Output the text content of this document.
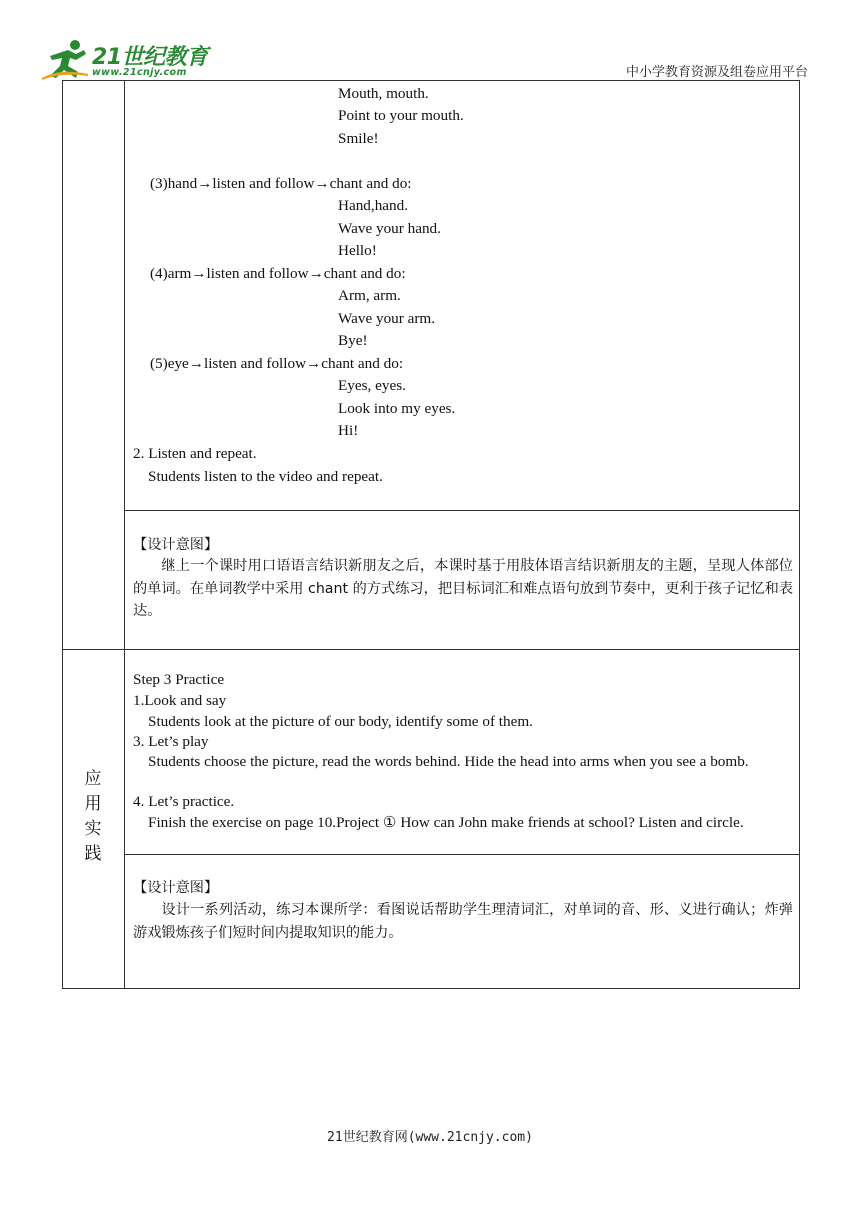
21世纪教育
www.21cnjy.com	中小学教育资源及组卷应用平台
Mouth, mouth.
Point to your mouth.
Smile!
(3)hand→listen and follow→chant and do:
Hand,hand.
Wave your hand.
Hello!
(4)arm→listen and follow→chant and do:
Arm, arm.
Wave your arm.
Bye!
(5)eye→listen and follow→chant and do:
Eyes, eyes.
Look into my eyes.
Hi!
2. Listen and repeat.
Students listen to the video and repeat.
【设计意图】
继上一个课时用口语语言结识新朋友之后，本课时基于用肢体语言结识新朋友的主题，呈现人体部位的单词。在单词教学中采用 chant 的方式练习，把目标词汇和难点语句放到节奏中，更利于孩子记忆和表达。
应
用
实
践
Step 3 Practice
1.Look and say
Students look at the picture of our body, identify some of them.
3. Let’s play
Students choose the picture, read the words behind. Hide the head into arms when you see a bomb.
4. Let’s practice.
Finish the exercise on page 10.Project ① How can John make friends at school? Listen and circle.
【设计意图】
设计一系列活动，练习本课所学：看图说话帮助学生理清词汇，对单词的音、形、义进行确认；炸弹游戏锻炼孩子们短时间内提取知识的能力。
21世纪教育网(www.21cnjy.com)
